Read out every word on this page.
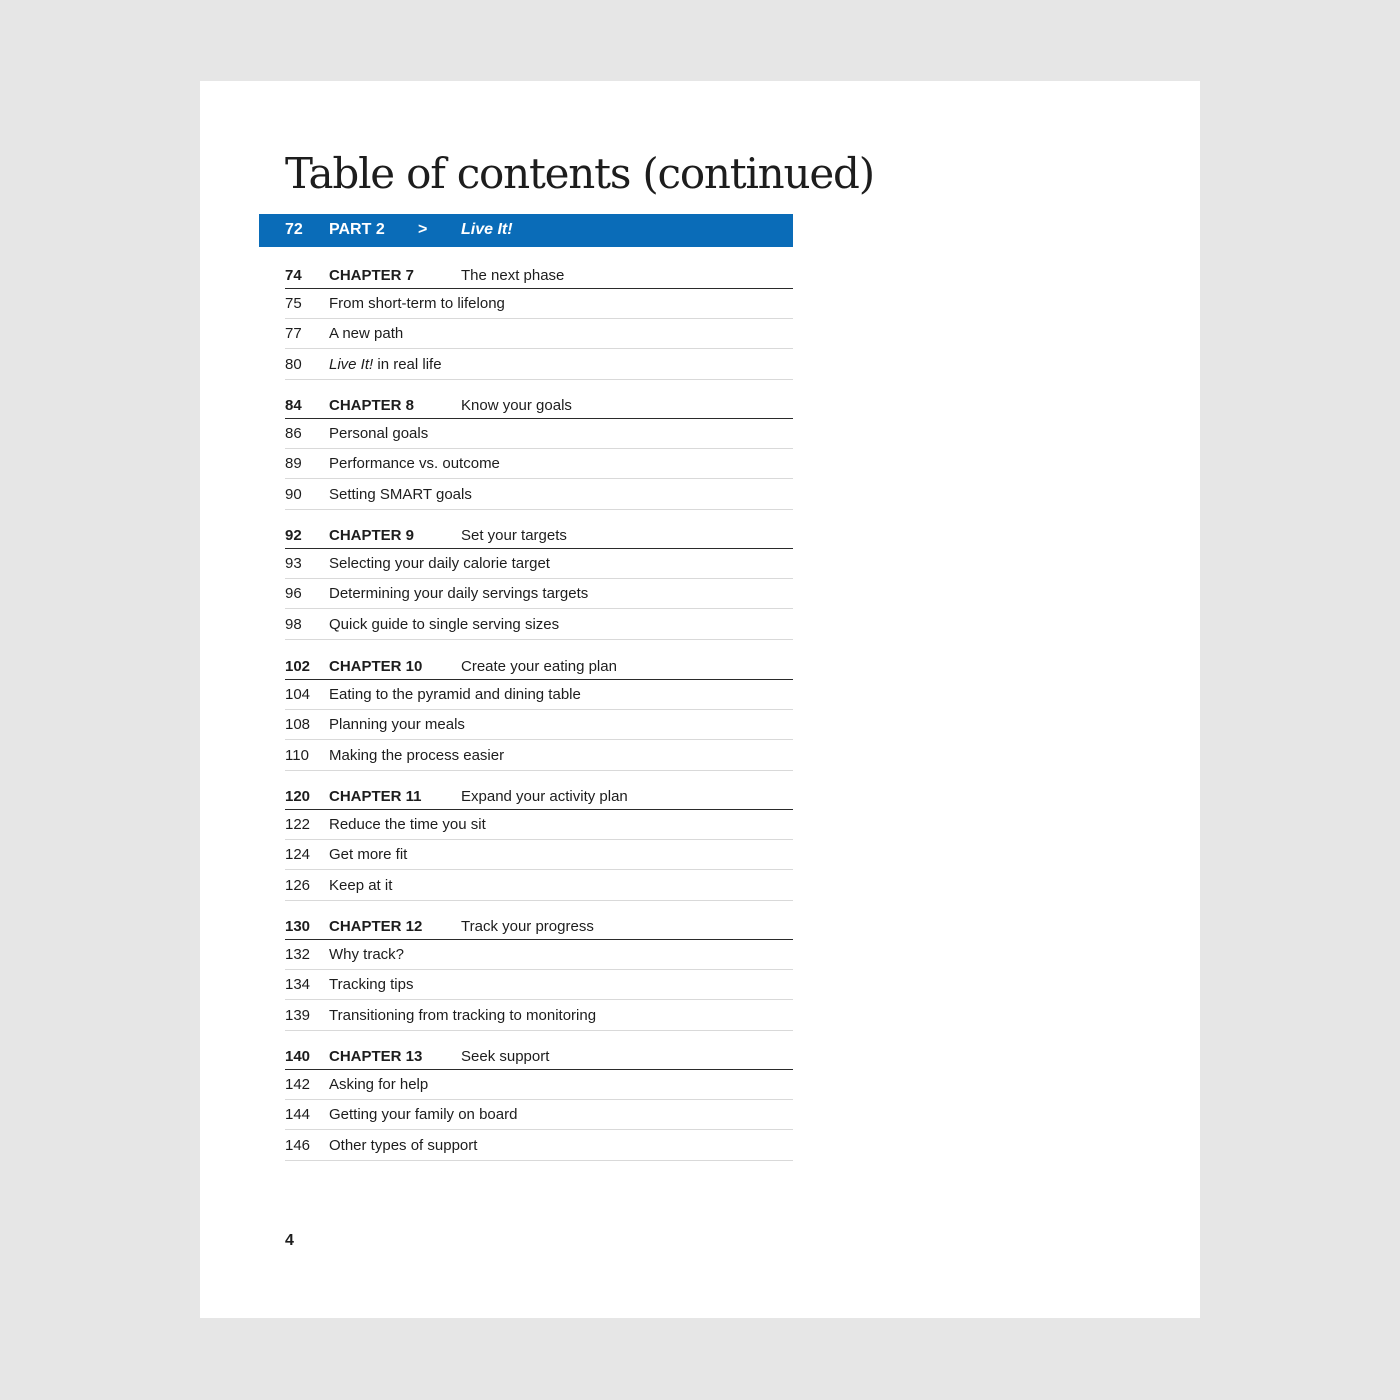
Table of contents (continued)
72 PART 2 > Live It!
74 CHAPTER 7	The next phase
75 From short-term to lifelong
77 A new path
80 Live It! in real life
84 CHAPTER 8	Know your goals
86 Personal goals
89 Performance vs. outcome
90 Setting SMART goals
92 CHAPTER 9	Set your targets
93 Selecting your daily calorie target
96 Determining your daily servings targets
98 Quick guide to single serving sizes
102 CHAPTER 10	Create your eating plan
104 Eating to the pyramid and dining table
108 Planning your meals
110 Making the process easier
120 CHAPTER 11	Expand your activity plan
122 Reduce the time you sit
124 Get more fit
126 Keep at it
130 CHAPTER 12	Track your progress
132 Why track?
134 Tracking tips
139 Transitioning from tracking to monitoring
140 CHAPTER 13	Seek support
142 Asking for help
144 Getting your family on board
146 Other types of support
4
